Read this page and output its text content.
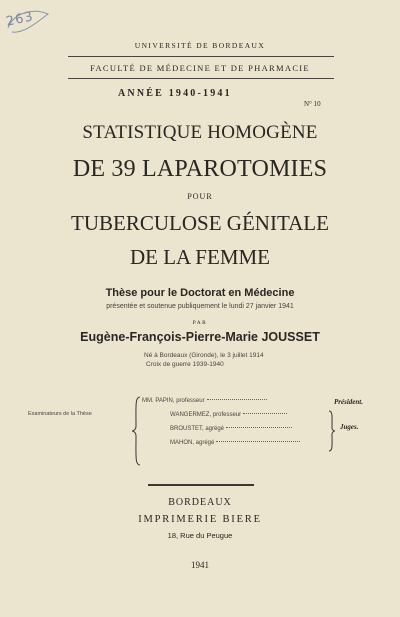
263
UNIVERSITÉ DE BORDEAUX
FACULTÉ DE MÉDECINE ET DE PHARMACIE
ANNÉE 1940-1941
N° 10
STATISTIQUE HOMOGÈNE
DE 39 LAPAROTOMIES
POUR
TUBERCULOSE GÉNITALE
DE LA FEMME
Thèse pour le Doctorat en Médecine
présentée et soutenue publiquement le lundi 27 janvier 1941
PAR
Eugène-François-Pierre-Marie JOUSSET
Né à Bordeaux (Gironde), le 3 juillet 1914
Croix de guerre 1939-1940
Examinateurs de la Thèse
MM. PAPIN, professeur
WANGERMEZ, professeur
BROUSTET, agrégé
MAHON, agrégé
Président.
Juges.
BORDEAUX
IMPRIMERIE BIERE
18, Rue du Peugue
1941
